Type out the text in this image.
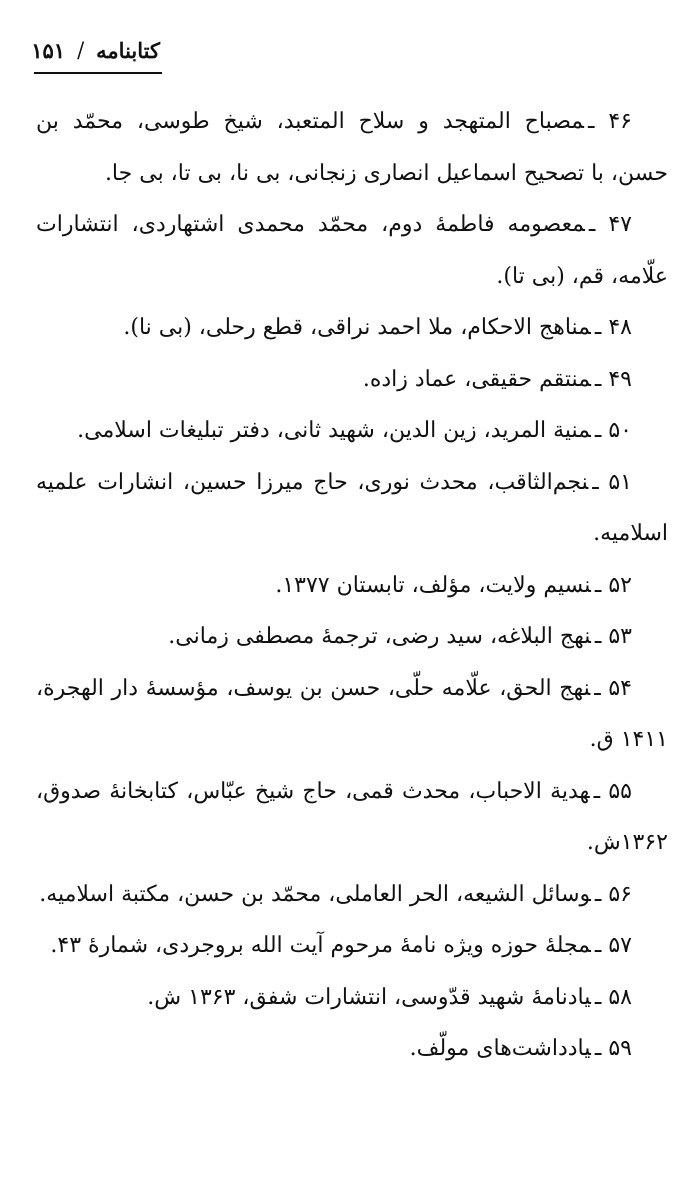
کتابنامه
/
۱۵۱
۴۶ ـمصباح المتهجد و سلاح المتعبد، شیخ طوسی، محمّد بن حسن، با تصحیح اسماعیل انصاری زنجانی، بی نا، بی تا، بی جا.
۴۷ ـمعصومه فاطمهٔ دوم، محمّد محمدی اشتهاردی، انتشارات علّامه، قم، (بی تا).
۴۸ ـمناهج الاحکام، ملا احمد نراقی، قطع رحلی، (بی نا).
۴۹ ـمنتقم حقیقی، عماد زاده.
۵۰ ـمنیة المرید، زین الدین، شهید ثانی، دفتر تبلیغات اسلامی.
۵۱ ـنجم‌الثاقب، محدث نوری، حاج میرزا حسین، انشارات علمیه اسلامیه.
۵۲ ـنسیم ولایت، مؤلف، تابستان ۱۳۷۷.
۵۳ ـنهج البلاغه، سید رضی، ترجمهٔ مصطفی زمانی.
۵۴ ـنهج الحق، علّامه حلّی، حسن بن یوسف، مؤسسهٔ دار الهجرة، ۱۴۱۱ ق.
۵۵ ـهدیة الاحباب، محدث قمی، حاج شیخ عبّاس، کتابخانهٔ صدوق، ۱۳۶۲ش.
۵۶ ـوسائل الشیعه، الحر العاملی، محمّد بن حسن، مکتبة اسلامیه.
۵۷ ـمجلهٔ حوزه ویژه نامهٔ مرحوم آیت الله بروجردی، شمارهٔ ۴۳.
۵۸ ـیادنامهٔ شهید قدّوسی، انتشارات شفق، ۱۳۶۳ ش.
۵۹ ـیادداشت‌های مولّف.
